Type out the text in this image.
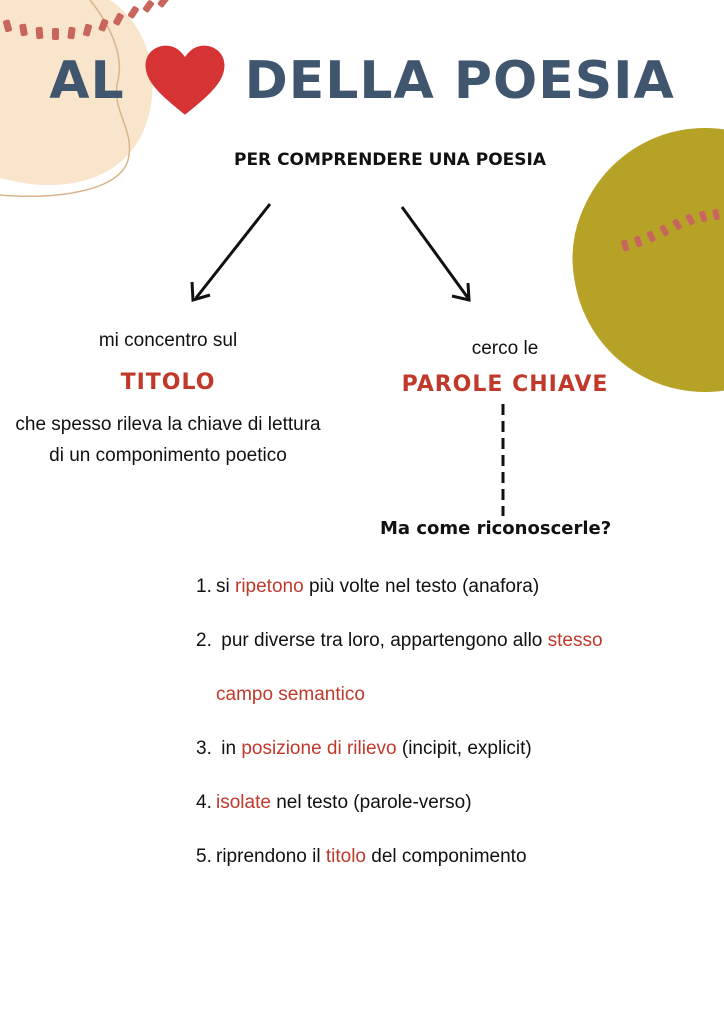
AL DELLA POESIA
PER COMPRENDERE UNA POESIA
mi concentro sul
TITOLO
che spesso rileva la chiave di lettura di un componimento poetico
cerco le
PAROLE CHIAVE
Ma come riconoscerle?
1. si ripetono più volte nel testo (anafora)
2. pur diverse tra loro, appartengono allo stesso
campo semantico
3. in posizione di rilievo (incipit, explicit)
4. isolate nel testo (parole-verso)
5. riprendono il titolo del componimento
